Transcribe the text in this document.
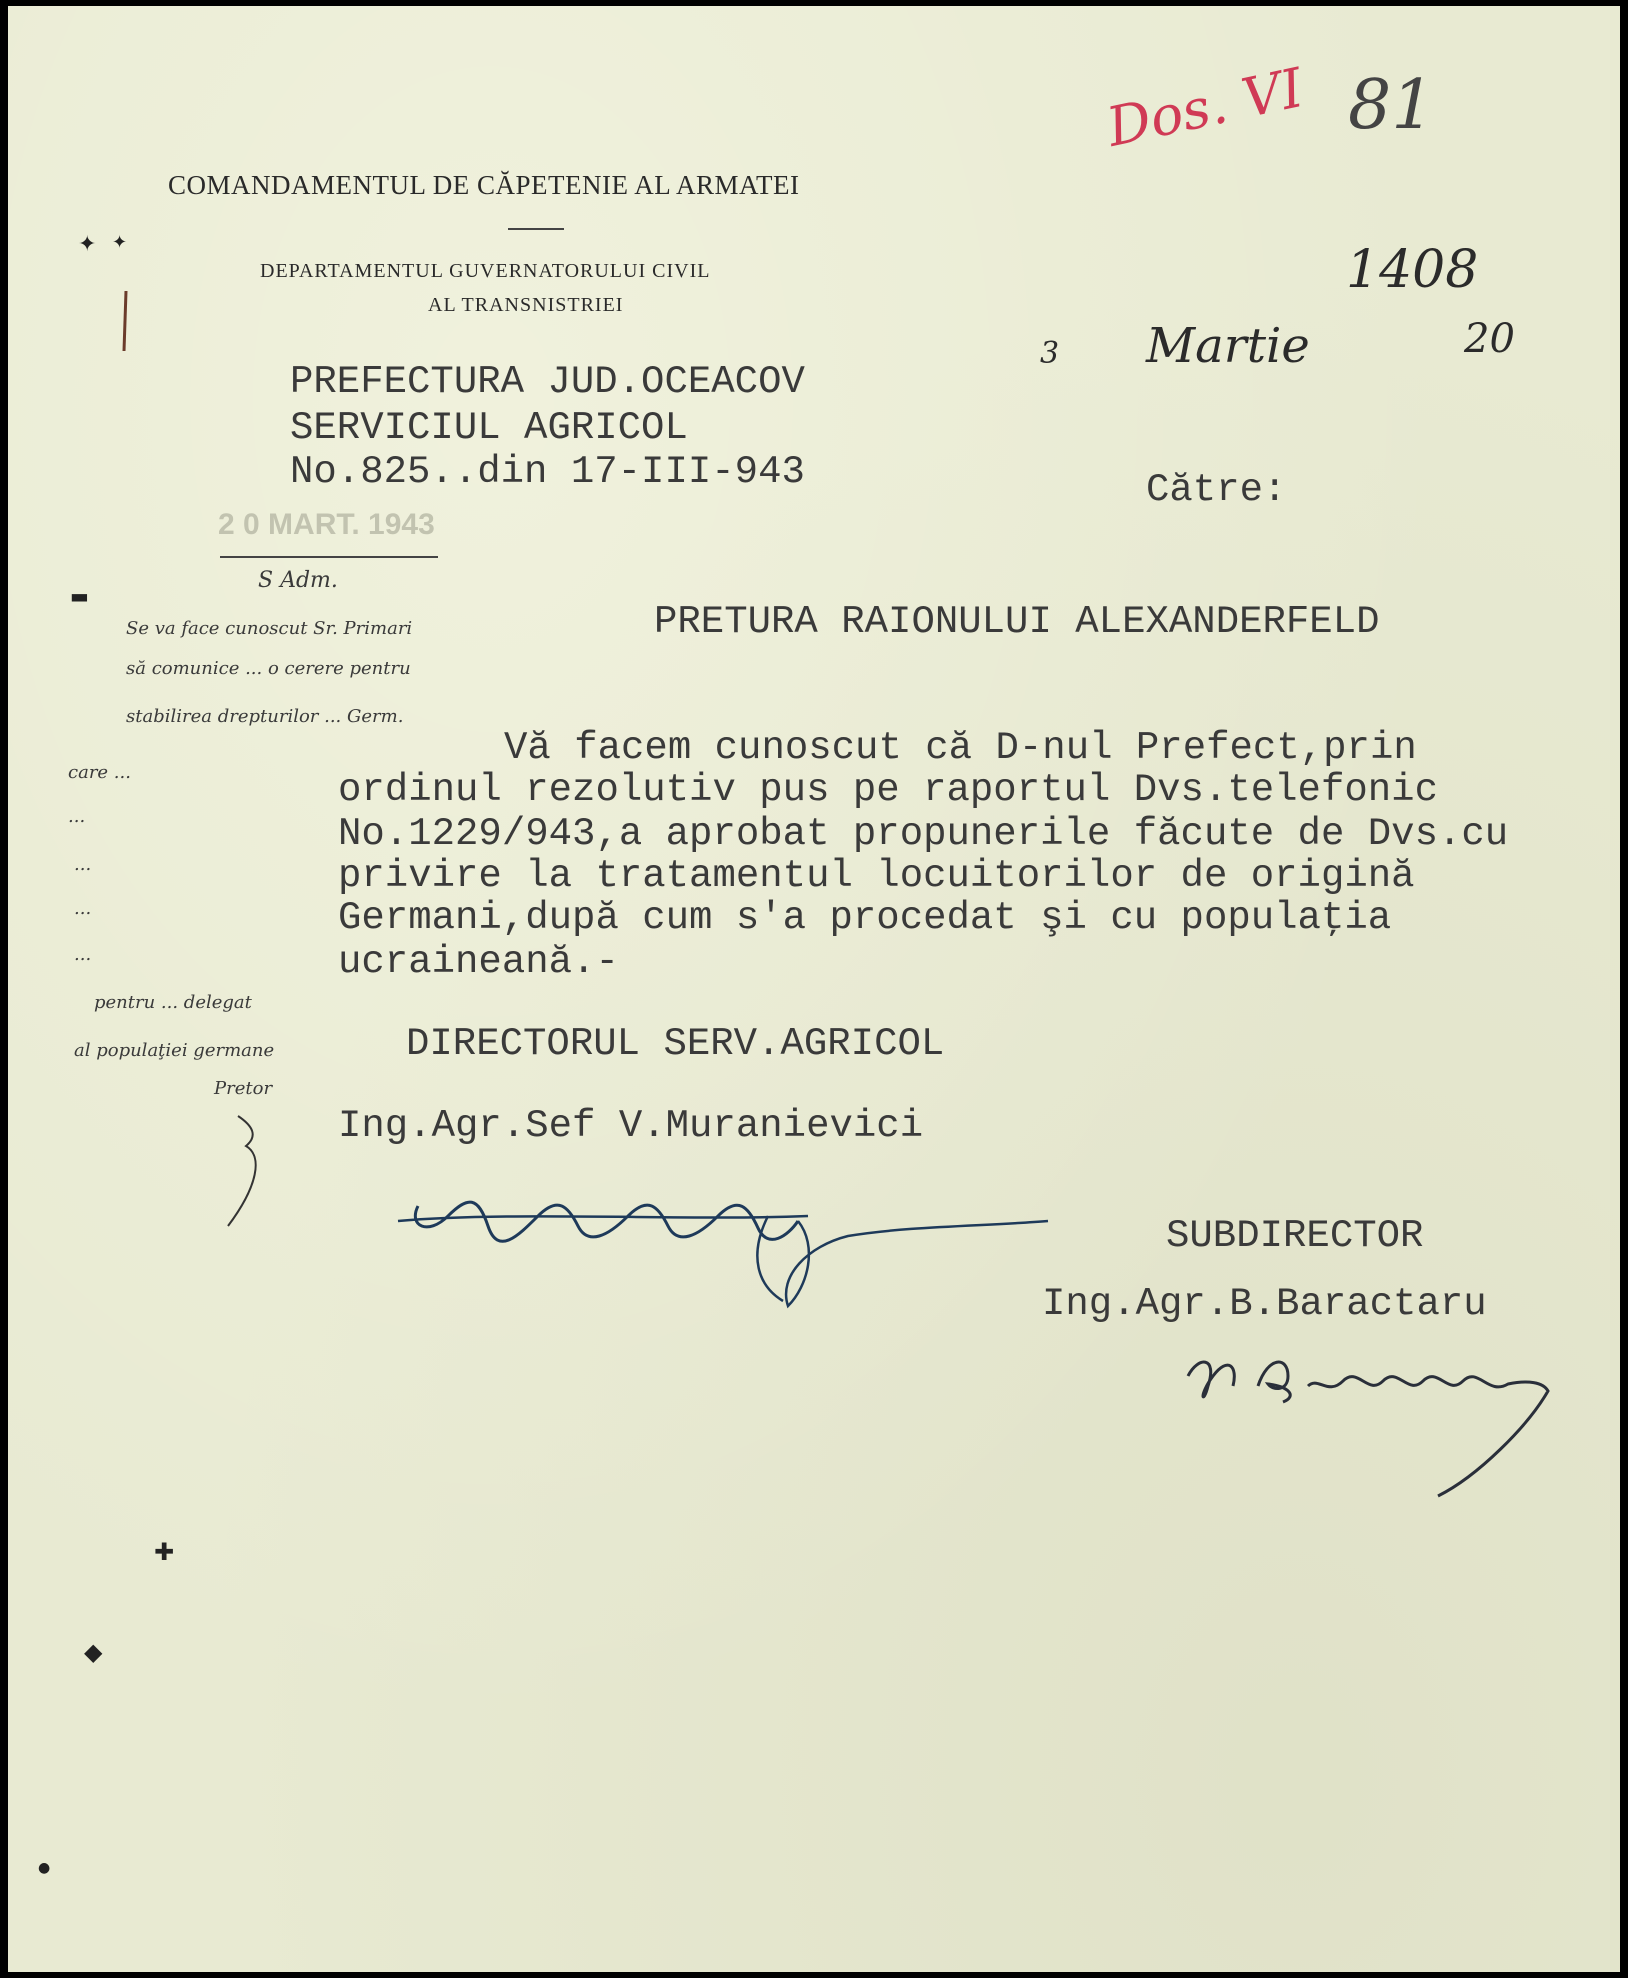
COMANDAMENTUL DE CĂPETENIE AL ARMATEI
DEPARTAMENTUL GUVERNATORULUI CIVIL
AL TRANSNISTRIEI
PREFECTURA JUD.OCEACOV
SERVICIUL AGRICOL
No.825..din 17-III-943
2 0 MART. 1943
Dos. VI 81
1408
3 Martie	20
Către:
PRETURA RAIONULUI ALEXANDERFELD
Vă facem cunoscut că D-nul Prefect,prin
ordinul rezolutiv pus pe raportul Dvs.telefonic
No.1229/943,a aprobat propunerile făcute de Dvs.cu
privire la tratamentul locuitorilor de origină
Germani,după cum s'a procedat şi cu populaţia
ucraineană.-
DIRECTORUL SERV.AGRICOL
Ing.Agr.Sef V.Muranievici
SUBDIRECTOR
Ing.Agr.B.Baractaru
S Adm.
Se va face cunoscut Sr. Primari
să comunice ... o cerere pentru
stabilirea drepturilor ... Germ.
care ...
...
...
...
...
pentru ... delegat
al populaţiei germane
Pretor
✦ ✦
▬
✚
◆
●
